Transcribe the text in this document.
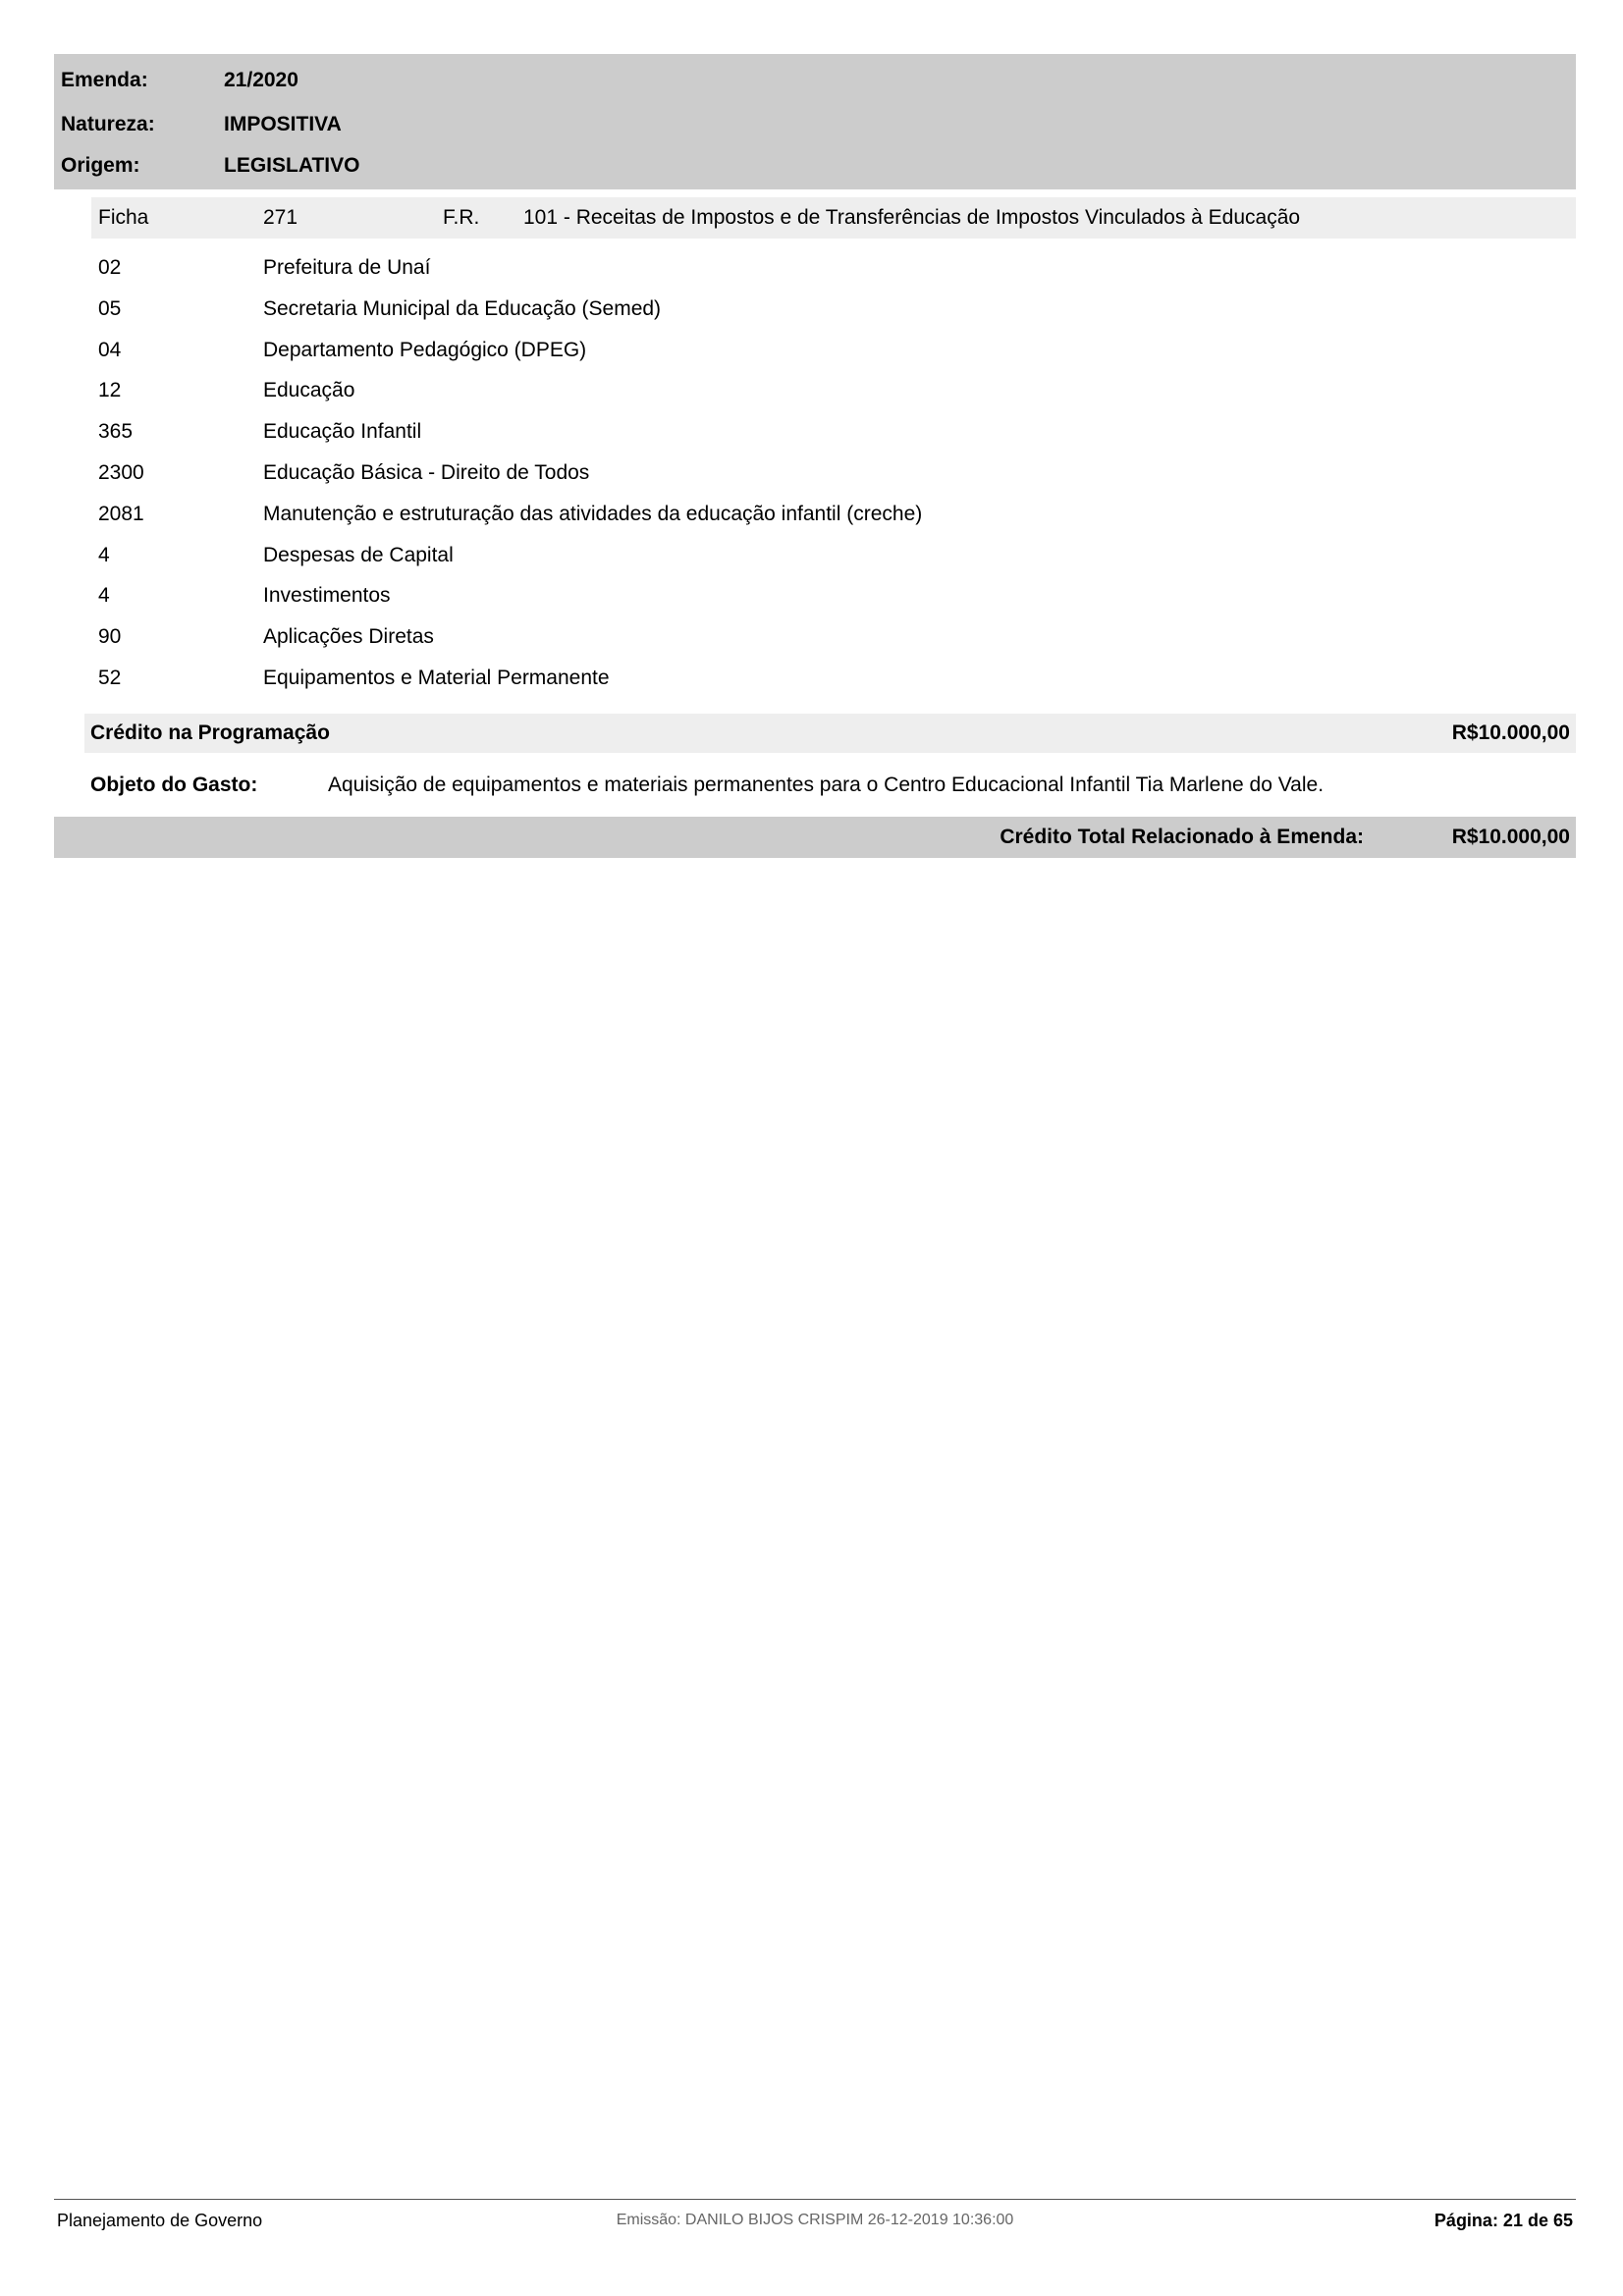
Emenda:	21/2020
Natureza:	IMPOSITIVA
Origem:	LEGISLATIVO
Ficha	271	F.R. 101 - Receitas de Impostos e de Transferências de Impostos Vinculados à Educação
02	Prefeitura de Unaí
05	Secretaria Municipal da Educação (Semed)
04	Departamento Pedagógico (DPEG)
12	Educação
365	Educação Infantil
2300	Educação Básica - Direito de Todos
2081	Manutenção e estruturação das atividades da educação infantil (creche)
4	Despesas de Capital
4	Investimentos
90	Aplicações Diretas
52	Equipamentos e Material Permanente
Crédito na Programação	R$10.000,00
Objeto do Gasto:	Aquisição de equipamentos e materiais permanentes para o Centro Educacional Infantil Tia Marlene do Vale.
Crédito Total Relacionado à Emenda:	R$10.000,00
Planejamento de Governo	Emissão: DANILO BIJOS CRISPIM 26-12-2019 10:36:00	Página: 21 de 65
